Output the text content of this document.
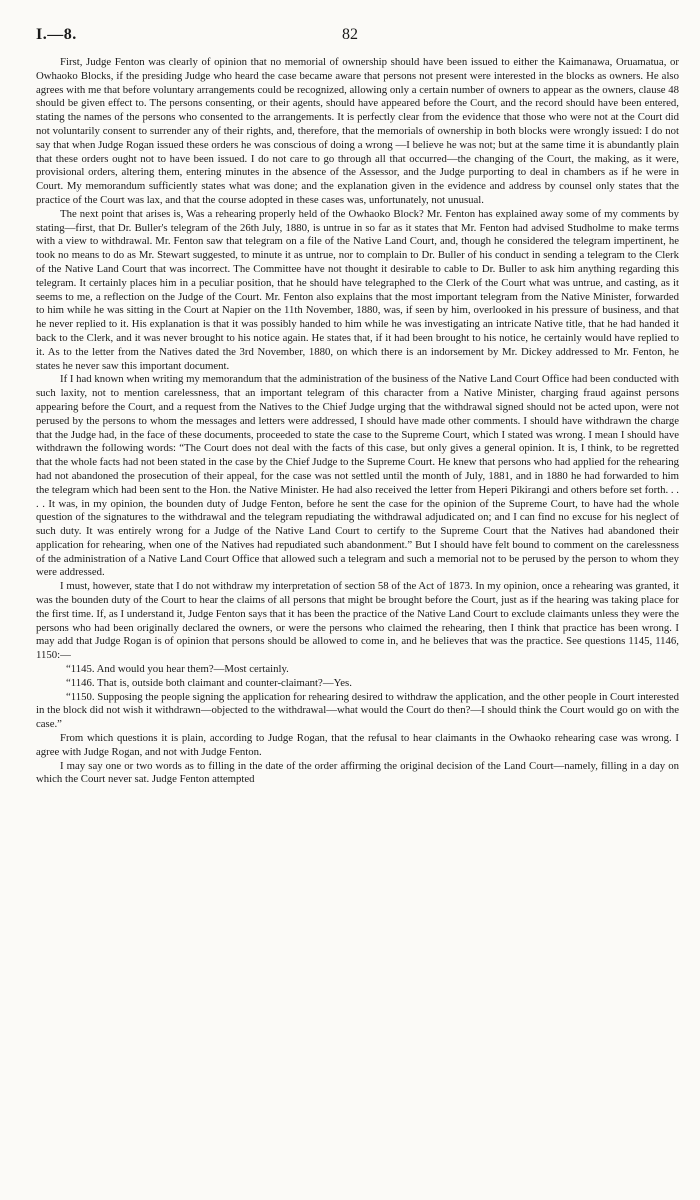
I.—8.	82

First, Judge Fenton was clearly of opinion that no memorial of ownership should have been issued to either the Kaimanawa, Oruamatua, or Owhaoko Blocks, if the presiding Judge who heard the case became aware that persons not present were interested in the blocks as owners. He also agrees with me that before voluntary arrangements could be recognized, allowing only a certain number of owners to appear as the owners, clause 48 should be given effect to. The persons consenting, or their agents, should have appeared before the Court, and the record should have been entered, stating the names of the persons who consented to the arrangements. It is perfectly clear from the evidence that those who were not at the Court did not voluntarily consent to surrender any of their rights, and, therefore, that the memorials of ownership in both blocks were wrongly issued: I do not say that when Judge Rogan issued these orders he was conscious of doing a wrong —I believe he was not; but at the same time it is abundantly plain that these orders ought not to have been issued. I do not care to go through all that occurred—the changing of the Court, the making, as it were, provisional orders, altering them, entering minutes in the absence of the Assessor, and the Judge purporting to deal in chambers as if he were in Court. My memorandum sufficiently states what was done; and the explanation given in the evidence and address by counsel only states that the practice of the Court was lax, and that the course adopted in these cases was, unfortunately, not unusual.

The next point that arises is, Was a rehearing properly held of the Owhaoko Block? Mr. Fenton has explained away some of my comments by stating—first, that Dr. Buller's telegram of the 26th July, 1880, is untrue in so far as it states that Mr. Fenton had advised Studholme to make terms with a view to withdrawal. Mr. Fenton saw that telegram on a file of the Native Land Court, and, though he considered the telegram impertinent, he took no means to do as Mr. Stewart suggested, to minute it as untrue, nor to complain to Dr. Buller of his conduct in sending a telegram to the Clerk of the Native Land Court that was incorrect. The Committee have not thought it desirable to cable to Dr. Buller to ask him anything regarding this telegram. It certainly places him in a peculiar position, that he should have telegraphed to the Clerk of the Court what was untrue, and casting, as it seems to me, a reflection on the Judge of the Court. Mr. Fenton also explains that the most important telegram from the Native Minister, forwarded to him while he was sitting in the Court at Napier on the 11th November, 1880, was, if seen by him, overlooked in his pressure of business, and that he never replied to it. His explanation is that it was possibly handed to him while he was investigating an intricate Native title, that he had handed it back to the Clerk, and it was never brought to his notice again. He states that, if it had been brought to his notice, he certainly would have replied to it. As to the letter from the Natives dated the 3rd November, 1880, on which there is an indorsement by Mr. Dickey addressed to Mr. Fenton, he states he never saw this important document.

If I had known when writing my memorandum that the administration of the business of the Native Land Court Office had been conducted with such laxity, not to mention carelessness, that an important telegram of this character from a Native Minister, charging fraud against persons appearing before the Court, and a request from the Natives to the Chief Judge urging that the withdrawal signed should not be acted upon, were not perused by the persons to whom the messages and letters were addressed, I should have made other comments. I should have withdrawn the charge that the Judge had, in the face of these documents, proceeded to state the case to the Supreme Court, which I stated was wrong. I mean I should have withdrawn the following words: “The Court does not deal with the facts of this case, but only gives a general opinion. It is, I think, to be regretted that the whole facts had not been stated in the case by the Chief Judge to the Supreme Court. He knew that persons who had applied for the rehearing had not abandoned the prosecution of their appeal, for the case was not settled until the month of July, 1881, and in 1880 he had forwarded to him the telegram which had been sent to the Hon. the Native Minister. He had also received the letter from Heperi Pikirangi and others before set forth. . . . . It was, in my opinion, the bounden duty of Judge Fenton, before he sent the case for the opinion of the Supreme Court, to have had the whole question of the signatures to the withdrawal and the telegram repudiating the withdrawal adjudicated on; and I can find no excuse for his neglect of such duty. It was entirely wrong for a Judge of the Native Land Court to certify to the Supreme Court that the Natives had abandoned their application for rehearing, when one of the Natives had repudiated such abandonment.” But I should have felt bound to comment on the carelessness of the administration of a Native Land Court Office that allowed such a telegram and such a memorial not to be perused by the person to whom they were addressed.

I must, however, state that I do not withdraw my interpretation of section 58 of the Act of 1873. In my opinion, once a rehearing was granted, it was the bounden duty of the Court to hear the claims of all persons that might be brought before the Court, just as if the hearing was taking place for the first time. If, as I understand it, Judge Fenton says that it has been the practice of the Native Land Court to exclude claimants unless they were the persons who had been originally declared the owners, or were the persons who claimed the rehearing, then I think that practice has been wrong. I may add that Judge Rogan is of opinion that persons should be allowed to come in, and he believes that was the practice. See questions 1145, 1146, 1150:—

“1145. And would you hear them?—Most certainly.

“1146. That is, outside both claimant and counter-claimant?—Yes.

“1150. Supposing the people signing the application for rehearing desired to withdraw the application, and the other people in Court interested in the block did not wish it withdrawn—objected to the withdrawal—what would the Court do then?—I should think the Court would go on with the case.”

From which questions it is plain, according to Judge Rogan, that the refusal to hear claimants in the Owhaoko rehearing case was wrong. I agree with Judge Rogan, and not with Judge Fenton.

I may say one or two words as to filling in the date of the order affirming the original decision of the Land Court—namely, filling in a day on which the Court never sat. Judge Fenton attempted
